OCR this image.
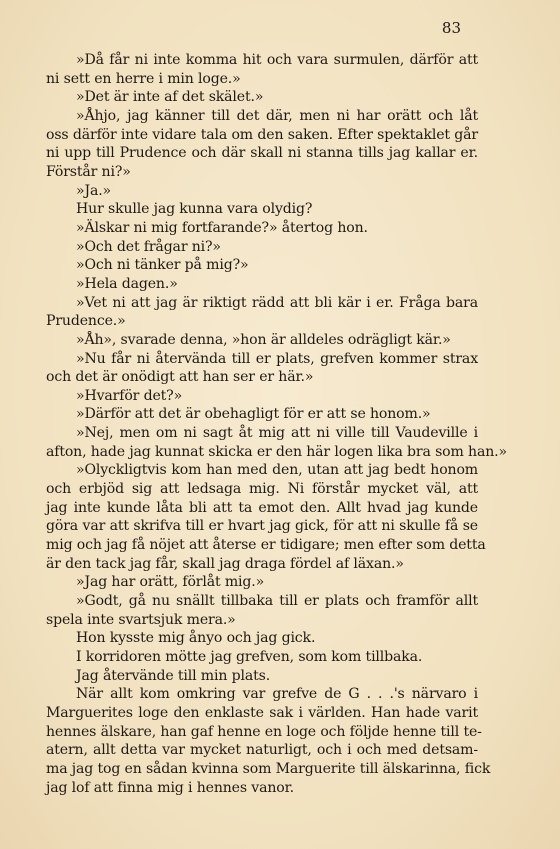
83
»Då får ni inte komma hit och vara surmulen, därför att
ni sett en herre i min loge.»
»Det är inte af det skälet.»
»Åhjo, jag känner till det där, men ni har orätt och låt
oss därför inte vidare tala om den saken. Efter spektaklet går
ni upp till Prudence och där skall ni stanna tills jag kallar er.
Förstår ni?»
»Ja.»
Hur skulle jag kunna vara olydig?
»Älskar ni mig fortfarande?» återtog hon.
»Och det frågar ni?»
»Och ni tänker på mig?»
»Hela dagen.»
»Vet ni att jag är riktigt rädd att bli kär i er. Fråga bara
Prudence.»
»Åh», svarade denna, »hon är alldeles odrägligt kär.»
»Nu får ni återvända till er plats, grefven kommer strax
och det är onödigt att han ser er här.»
»Hvarför det?»
»Därför att det är obehagligt för er att se honom.»
»Nej, men om ni sagt åt mig att ni ville till Vaudeville i
afton, hade jag kunnat skicka er den här logen lika bra som han.»
»Olyckligtvis kom han med den, utan att jag bedt honom
och erbjöd sig att ledsaga mig. Ni förstår mycket väl, att
jag inte kunde låta bli att ta emot den. Allt hvad jag kunde
göra var att skrifva till er hvart jag gick, för att ni skulle få se
mig och jag få nöjet att återse er tidigare; men efter som detta
är den tack jag får, skall jag draga fördel af läxan.»
»Jag har orätt, förlåt mig.»
»Godt, gå nu snällt tillbaka till er plats och framför allt
spela inte svartsjuk mera.»
Hon kysste mig ånyo och jag gick.
I korridoren mötte jag grefven, som kom tillbaka.
Jag återvände till min plats.
När allt kom omkring var grefve de G . . .'s närvaro i
Marguerites loge den enklaste sak i världen. Han hade varit
hennes älskare, han gaf henne en loge och följde henne till te-
atern, allt detta var mycket naturligt, och i och med detsam-
ma jag tog en sådan kvinna som Marguerite till älskarinna, fick
jag lof att finna mig i hennes vanor.
